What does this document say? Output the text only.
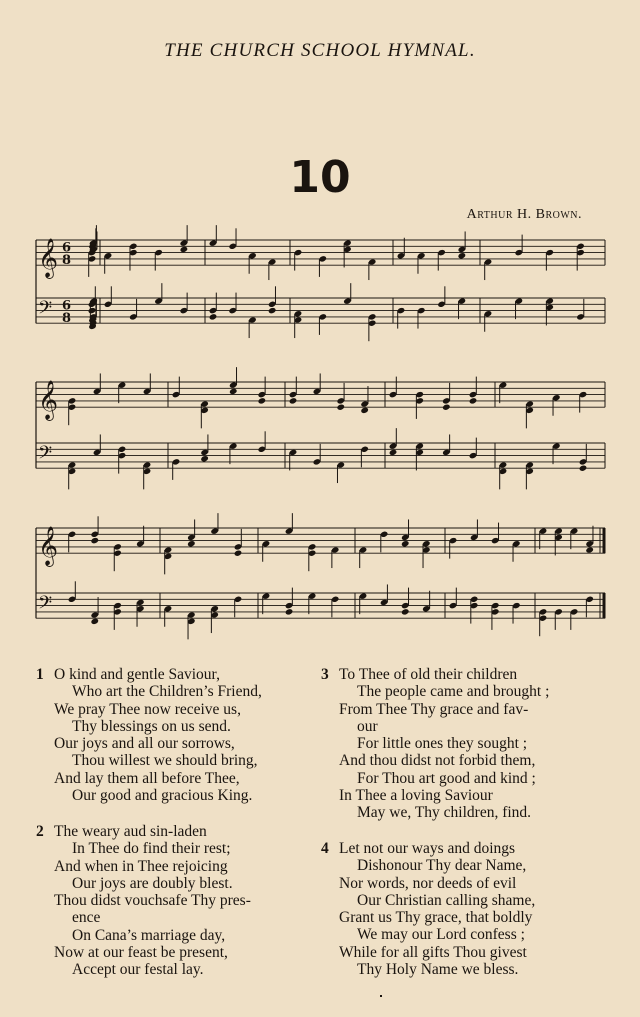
THE CHURCH SCHOOL HYMNAL.
10
Arthur H. Brown.
𝄞 6
8
𝄢 6
8
𝄞
𝄢
𝄞
𝄢
1 O kind and gentle Saviour,
Who art the Children’s Friend,
We pray Thee now receive us,
Thy blessings on us send.
Our joys and all our sorrows,
Thou willest we should bring,
And lay them all before Thee,
Our good and gracious King.
2 The weary aud sin-laden
In Thee do find their rest;
And when in Thee rejoicing
Our joys are doubly blest.
Thou didst vouchsafe Thy pres-
ence
On Cana’s marriage day,
Now at our feast be present,
Accept our festal lay.
3 To Thee of old their children
The people came and brought ;
From Thee Thy grace and fav-
our
For little ones they sought ;
And thou didst not forbid them,
For Thou art good and kind ;
In Thee a loving Saviour
May we, Thy children, find.
4 Let not our ways and doings
Dishonour Thy dear Name,
Nor words, nor deeds of evil
Our Christian calling shame,
Grant us Thy grace, that boldly
We may our Lord confess ;
While for all gifts Thou givest
Thy Holy Name we bless.
